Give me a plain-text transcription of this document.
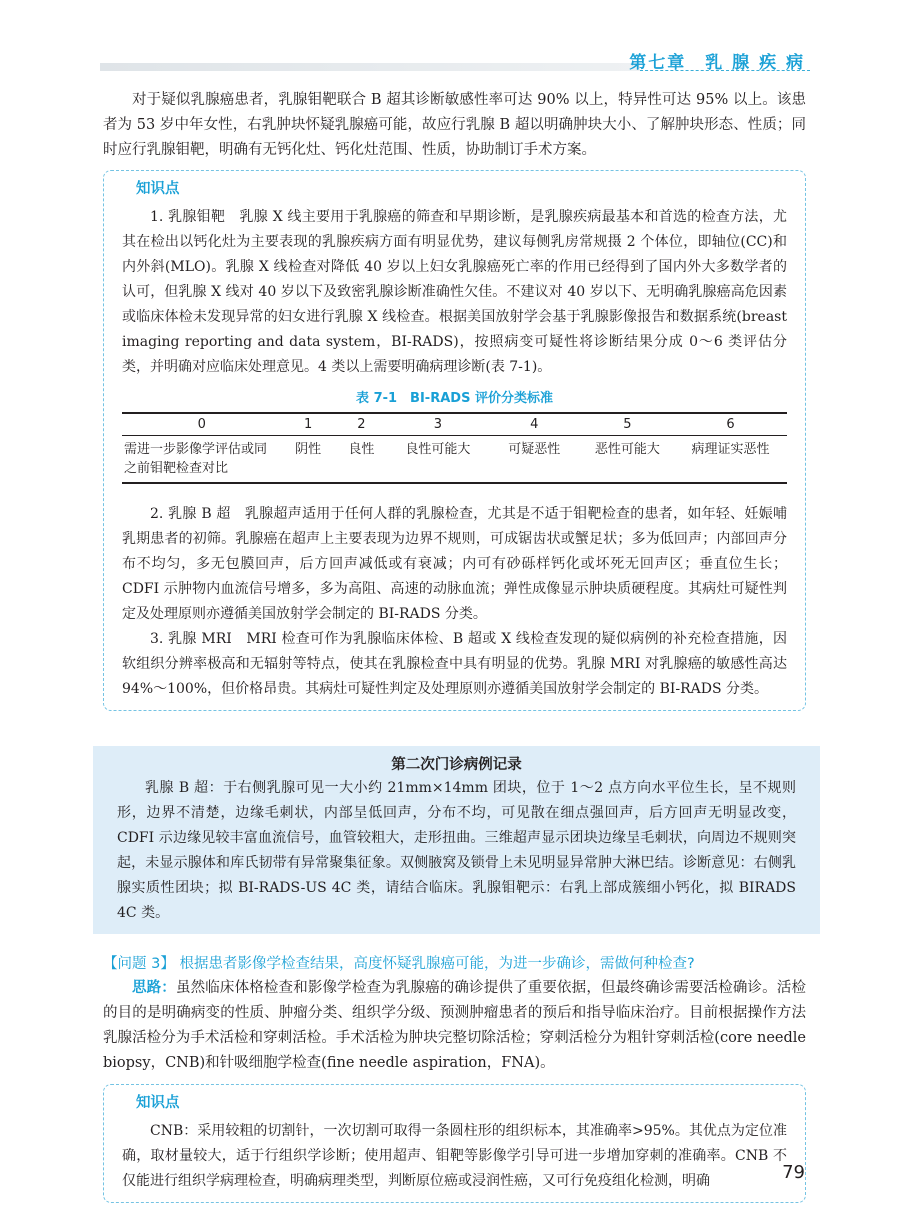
第七章　乳 腺 疾 病

对于疑似乳腺癌患者，乳腺钼靶联合 B 超其诊断敏感性率可达 90% 以上，特异性可达 95% 以上。该患者为 53 岁中年女性，右乳肿块怀疑乳腺癌可能，故应行乳腺 B 超以明确肿块大小、了解肿块形态、性质；同时应行乳腺钼靶，明确有无钙化灶、钙化灶范围、性质，协助制订手术方案。

知识点

1. 乳腺钼靶　乳腺 X 线主要用于乳腺癌的筛查和早期诊断，是乳腺疾病最基本和首选的检查方法，尤其在检出以钙化灶为主要表现的乳腺疾病方面有明显优势，建议每侧乳房常规摄 2 个体位，即轴位(CC)和内外斜(MLO)。乳腺 X 线检查对降低 40 岁以上妇女乳腺癌死亡率的作用已经得到了国内外大多数学者的认可，但乳腺 X 线对 40 岁以下及致密乳腺诊断准确性欠佳。不建议对 40 岁以下、无明确乳腺癌高危因素或临床体检未发现异常的妇女进行乳腺 X 线检查。根据美国放射学会基于乳腺影像报告和数据系统(breast imaging reporting and data system，BI-RADS)，按照病变可疑性将诊断结果分成 0～6 类评估分类，并明确对应临床处理意见。4 类以上需要明确病理诊断(表 7-1)。

表 7-1　BI-RADS 评价分类标准
0	1	2	3	4	5	6
需进一步影像学评估或同之前钼靶检查对比	阴性	良性	良性可能大	可疑恶性	恶性可能大	病理证实恶性

2. 乳腺 B 超　乳腺超声适用于任何人群的乳腺检查，尤其是不适于钼靶检查的患者，如年轻、妊娠哺乳期患者的初筛。乳腺癌在超声上主要表现为边界不规则，可成锯齿状或蟹足状；多为低回声；内部回声分布不均匀，多无包膜回声，后方回声减低或有衰减；内可有砂砾样钙化或坏死无回声区；垂直位生长；CDFI 示肿物内血流信号增多，多为高阻、高速的动脉血流；弹性成像显示肿块质硬程度。其病灶可疑性判定及处理原则亦遵循美国放射学会制定的 BI-RADS 分类。

3. 乳腺 MRI　MRI 检查可作为乳腺临床体检、B 超或 X 线检查发现的疑似病例的补充检查措施，因软组织分辨率极高和无辐射等特点，使其在乳腺检查中具有明显的优势。乳腺 MRI 对乳腺癌的敏感性高达 94%～100%，但价格昂贵。其病灶可疑性判定及处理原则亦遵循美国放射学会制定的 BI-RADS 分类。

第二次门诊病例记录

乳腺 B 超：于右侧乳腺可见一大小约 21mm×14mm 团块，位于 1～2 点方向水平位生长，呈不规则形，边界不清楚，边缘毛刺状，内部呈低回声，分布不均，可见散在细点强回声，后方回声无明显改变，CDFI 示边缘见较丰富血流信号，血管较粗大，走形扭曲。三维超声显示团块边缘呈毛刺状，向周边不规则突起，未显示腺体和库氏韧带有异常聚集征象。双侧腋窝及锁骨上未见明显异常肿大淋巴结。诊断意见：右侧乳腺实质性团块；拟 BI-RADS-US 4C 类，请结合临床。乳腺钼靶示：右乳上部成簇细小钙化，拟 BIRADS 4C 类。

【问题 3】 根据患者影像学检查结果，高度怀疑乳腺癌可能，为进一步确诊，需做何种检查?

思路：虽然临床体格检查和影像学检查为乳腺癌的确诊提供了重要依据，但最终确诊需要活检确诊。活检的目的是明确病变的性质、肿瘤分类、组织学分级、预测肿瘤患者的预后和指导临床治疗。目前根据操作方法乳腺活检分为手术活检和穿刺活检。手术活检为肿块完整切除活检；穿刺活检分为粗针穿刺活检(core needle biopsy，CNB)和针吸细胞学检查(fine needle aspiration，FNA)。

知识点

CNB：采用较粗的切割针，一次切割可取得一条圆柱形的组织标本，其准确率>95%。其优点为定位准确，取材量较大，适于行组织学诊断；使用超声、钼靶等影像学引导可进一步增加穿刺的准确率。CNB 不仅能进行组织学病理检查，明确病理类型，判断原位癌或浸润性癌，又可行免疫组化检测，明确	79
